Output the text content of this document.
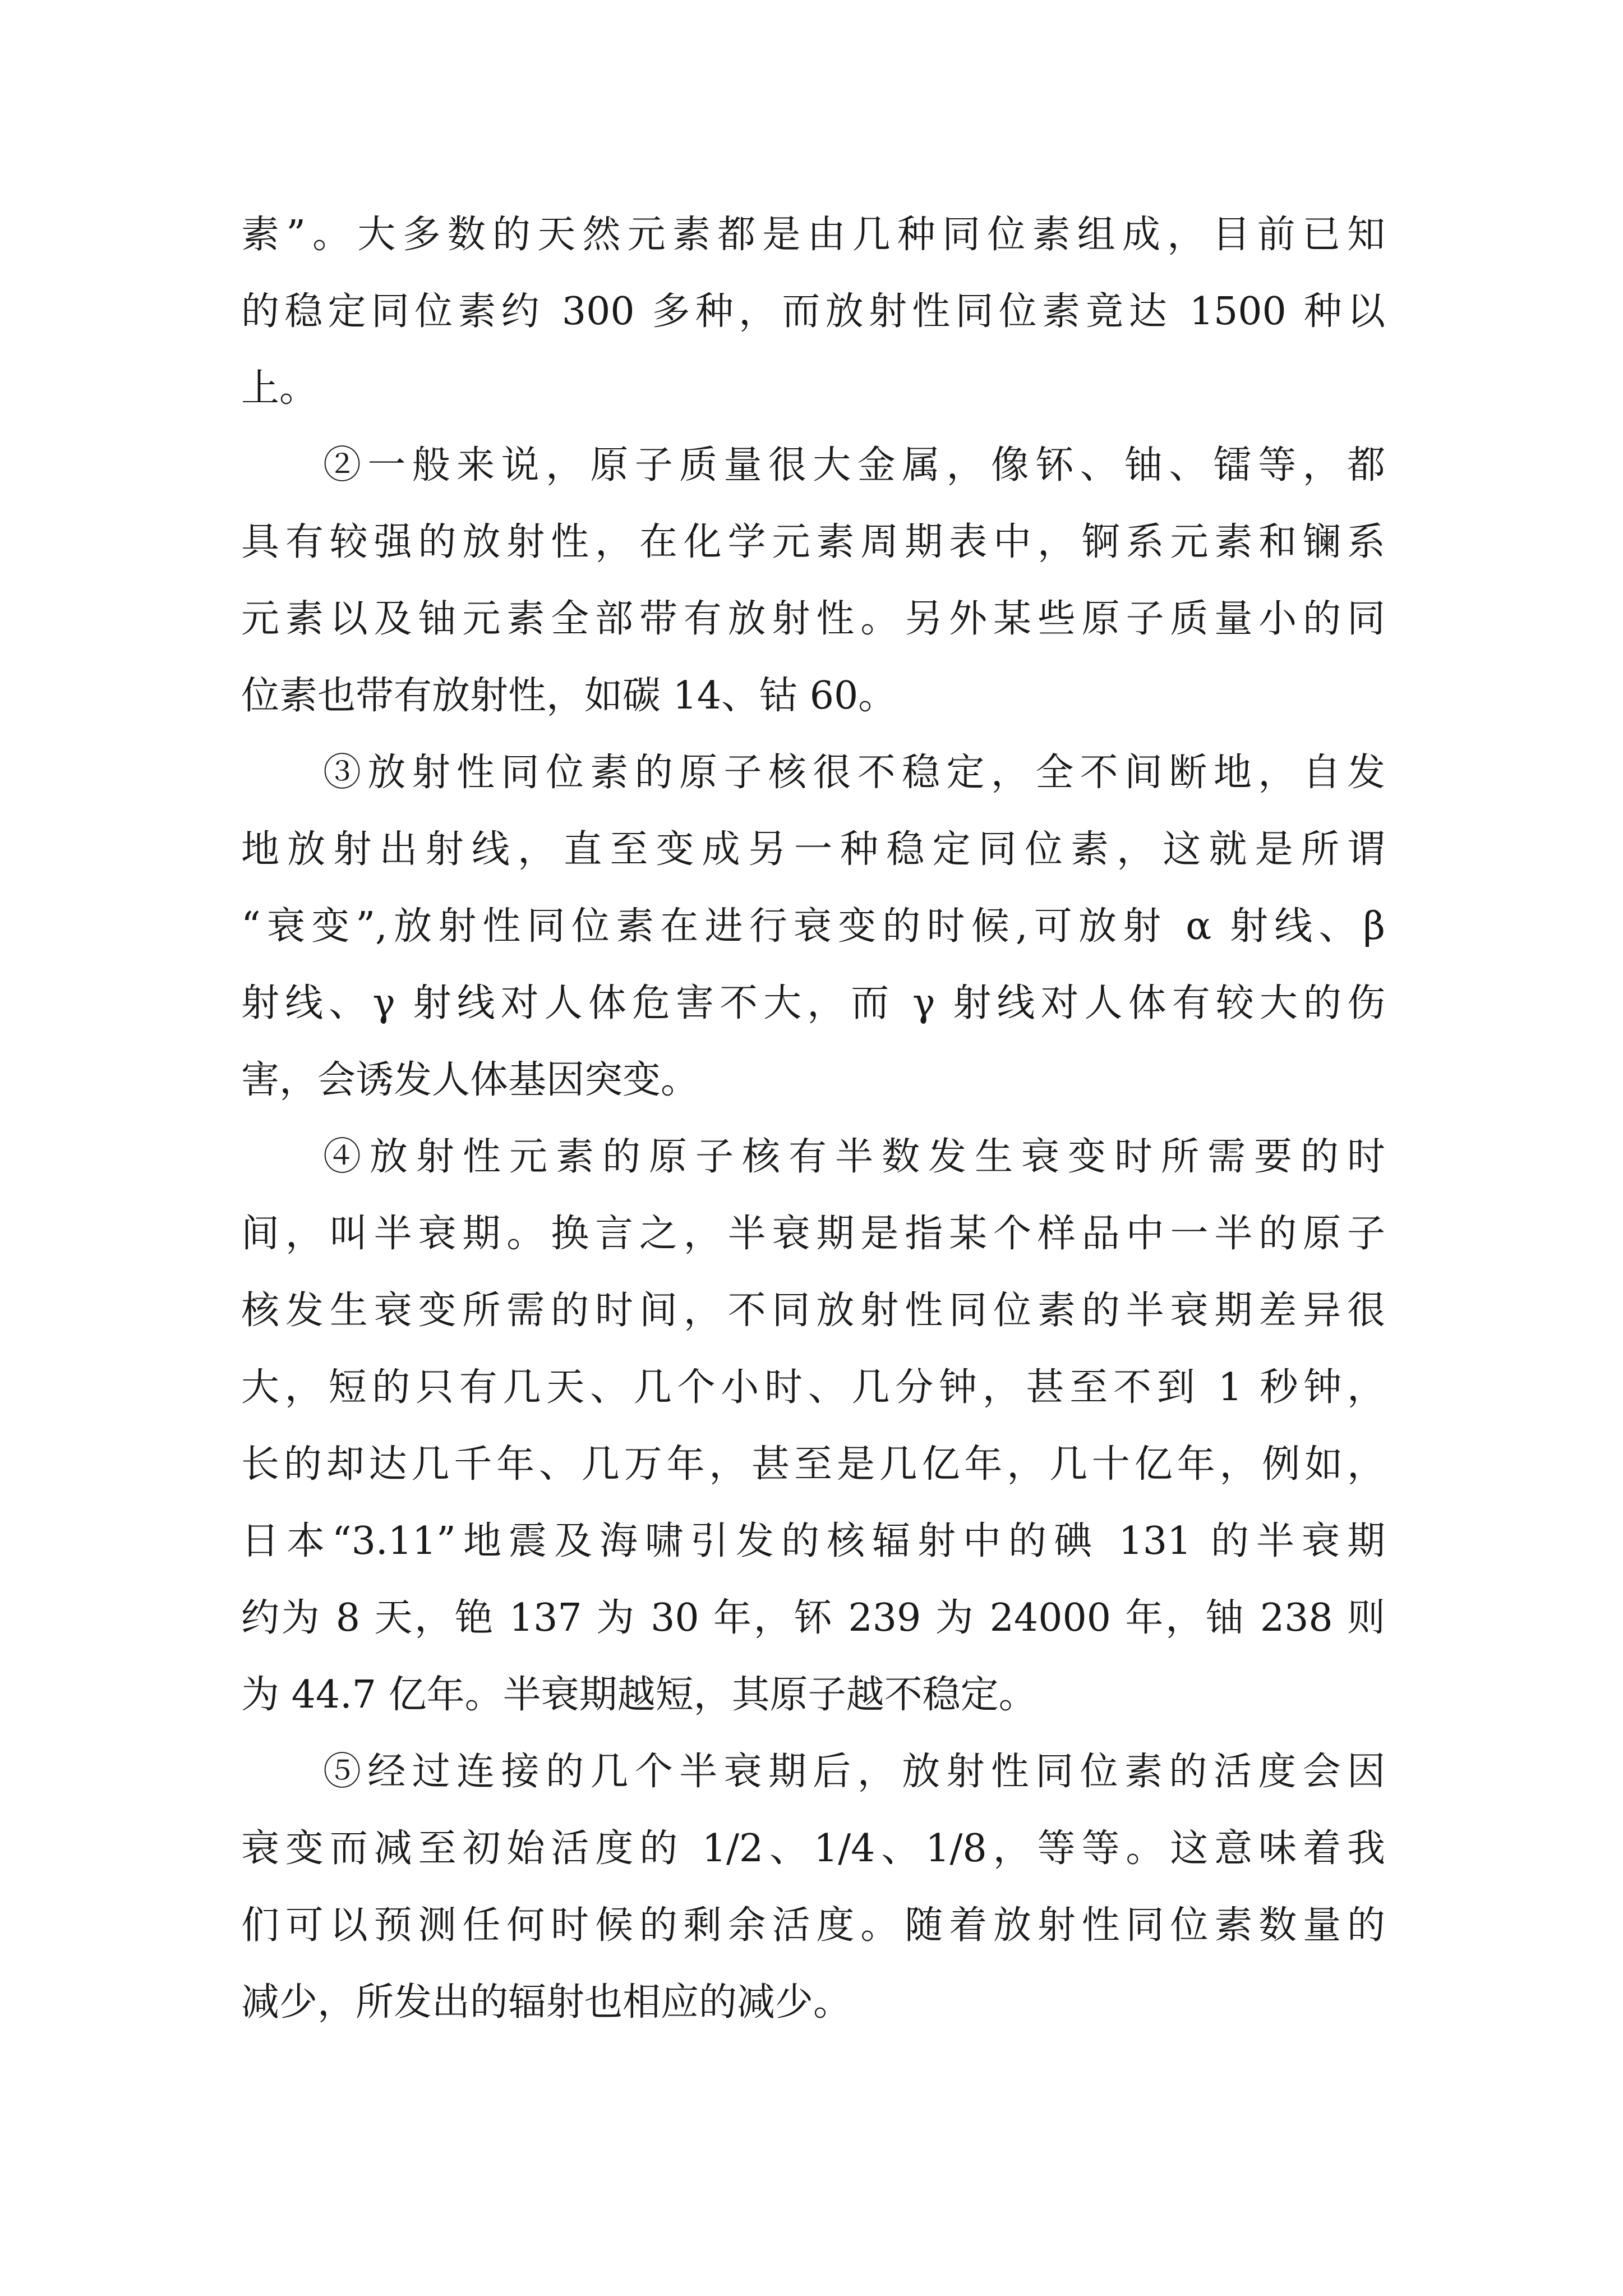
素”。大多数的天然元素都是由几种同位素组成，目前已知
的稳定同位素约 300 多种，而放射性同位素竟达 1500 种以
上。
②一般来说，原子质量很大金属，像钚、铀、镭等，都
具有较强的放射性，在化学元素周期表中，锕系元素和镧系
元素以及铀元素全部带有放射性。另外某些原子质量小的同
位素也带有放射性，如碳 14、钴 60。
③放射性同位素的原子核很不稳定，全不间断地，自发
地放射出射线，直至变成另一种稳定同位素，这就是所谓
“衰变”,放射性同位素在进行衰变的时候,可放射 α 射线、β
射线、γ 射线对人体危害不大，而 γ 射线对人体有较大的伤
害，会诱发人体基因突变。
④放射性元素的原子核有半数发生衰变时所需要的时
间，叫半衰期。换言之，半衰期是指某个样品中一半的原子
核发生衰变所需的时间，不同放射性同位素的半衰期差异很
大，短的只有几天、几个小时、几分钟，甚至不到 1 秒钟，
长的却达几千年、几万年，甚至是几亿年，几十亿年，例如，
日本“3.11”地震及海啸引发的核辐射中的碘 131 的半衰期
约为 8 天，铯 137 为 30 年，钚 239 为 24000 年，铀 238 则
为 44.7 亿年。半衰期越短，其原子越不稳定。
⑤经过连接的几个半衰期后，放射性同位素的活度会因
衰变而减至初始活度的 1/2、1/4、1/8，等等。这意味着我
们可以预测任何时候的剩余活度。随着放射性同位素数量的
减少，所发出的辐射也相应的减少。
